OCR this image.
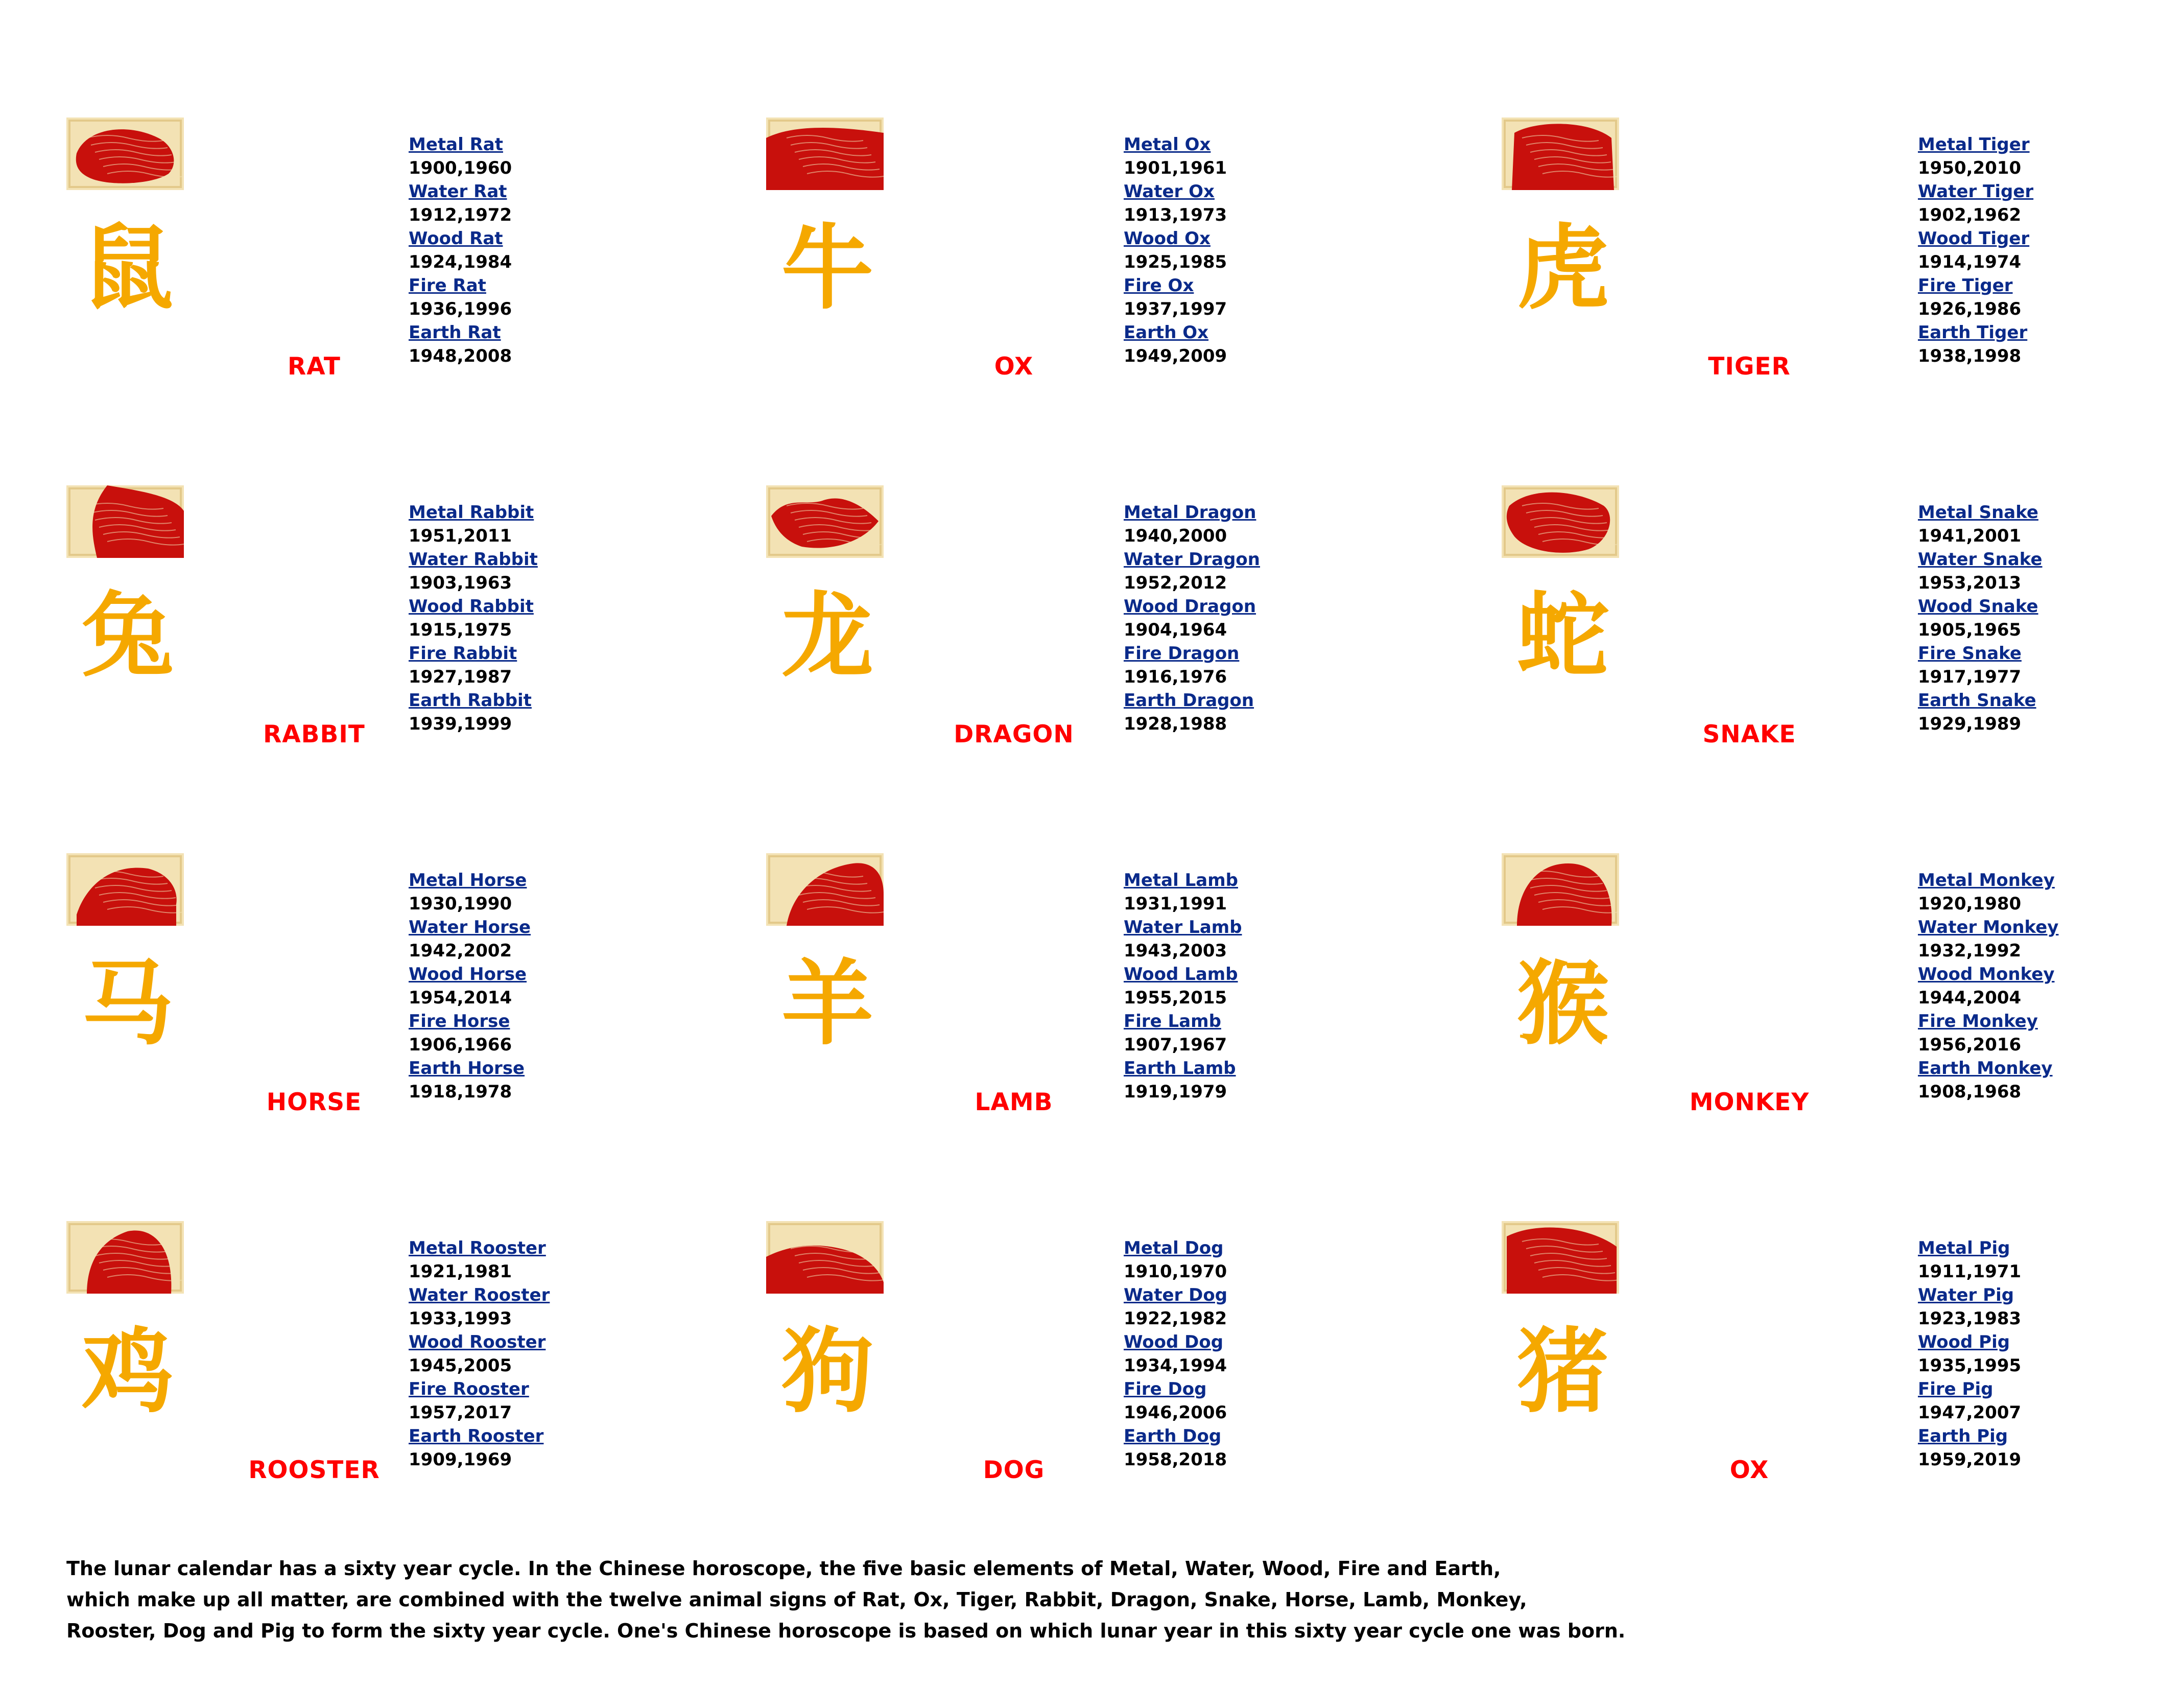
鼠
RAT
Metal Rat
1900,1960
Water Rat
1912,1972
Wood Rat
1924,1984
Fire Rat
1936,1996
Earth Rat
1948,2008
牛
OX
Metal Ox
1901,1961
Water Ox
1913,1973
Wood Ox
1925,1985
Fire Ox
1937,1997
Earth Ox
1949,2009
虎
TIGER
Metal Tiger
1950,2010
Water Tiger
1902,1962
Wood Tiger
1914,1974
Fire Tiger
1926,1986
Earth Tiger
1938,1998
兔
RABBIT
Metal Rabbit
1951,2011
Water Rabbit
1903,1963
Wood Rabbit
1915,1975
Fire Rabbit
1927,1987
Earth Rabbit
1939,1999
龙
DRAGON
Metal Dragon
1940,2000
Water Dragon
1952,2012
Wood Dragon
1904,1964
Fire Dragon
1916,1976
Earth Dragon
1928,1988
蛇
SNAKE
Metal Snake
1941,2001
Water Snake
1953,2013
Wood Snake
1905,1965
Fire Snake
1917,1977
Earth Snake
1929,1989
马
HORSE
Metal Horse
1930,1990
Water Horse
1942,2002
Wood Horse
1954,2014
Fire Horse
1906,1966
Earth Horse
1918,1978
羊
LAMB
Metal Lamb
1931,1991
Water Lamb
1943,2003
Wood Lamb
1955,2015
Fire Lamb
1907,1967
Earth Lamb
1919,1979
猴
MONKEY
Metal Monkey
1920,1980
Water Monkey
1932,1992
Wood Monkey
1944,2004
Fire Monkey
1956,2016
Earth Monkey
1908,1968
鸡
ROOSTER
Metal Rooster
1921,1981
Water Rooster
1933,1993
Wood Rooster
1945,2005
Fire Rooster
1957,2017
Earth Rooster
1909,1969
狗
DOG
Metal Dog
1910,1970
Water Dog
1922,1982
Wood Dog
1934,1994
Fire Dog
1946,2006
Earth Dog
1958,2018
猪
OX
Metal Pig
1911,1971
Water Pig
1923,1983
Wood Pig
1935,1995
Fire Pig
1947,2007
Earth Pig
1959,2019

The lunar calendar has a sixty year cycle. In the Chinese horoscope, the five basic elements of Metal, Water, Wood, Fire and Earth,

which make up all matter, are combined with the twelve animal signs of Rat, Ox, Tiger, Rabbit, Dragon, Snake, Horse, Lamb, Monkey,

Rooster, Dog and Pig to form the sixty year cycle. One's Chinese horoscope is based on which lunar year in this sixty year cycle one was born.
